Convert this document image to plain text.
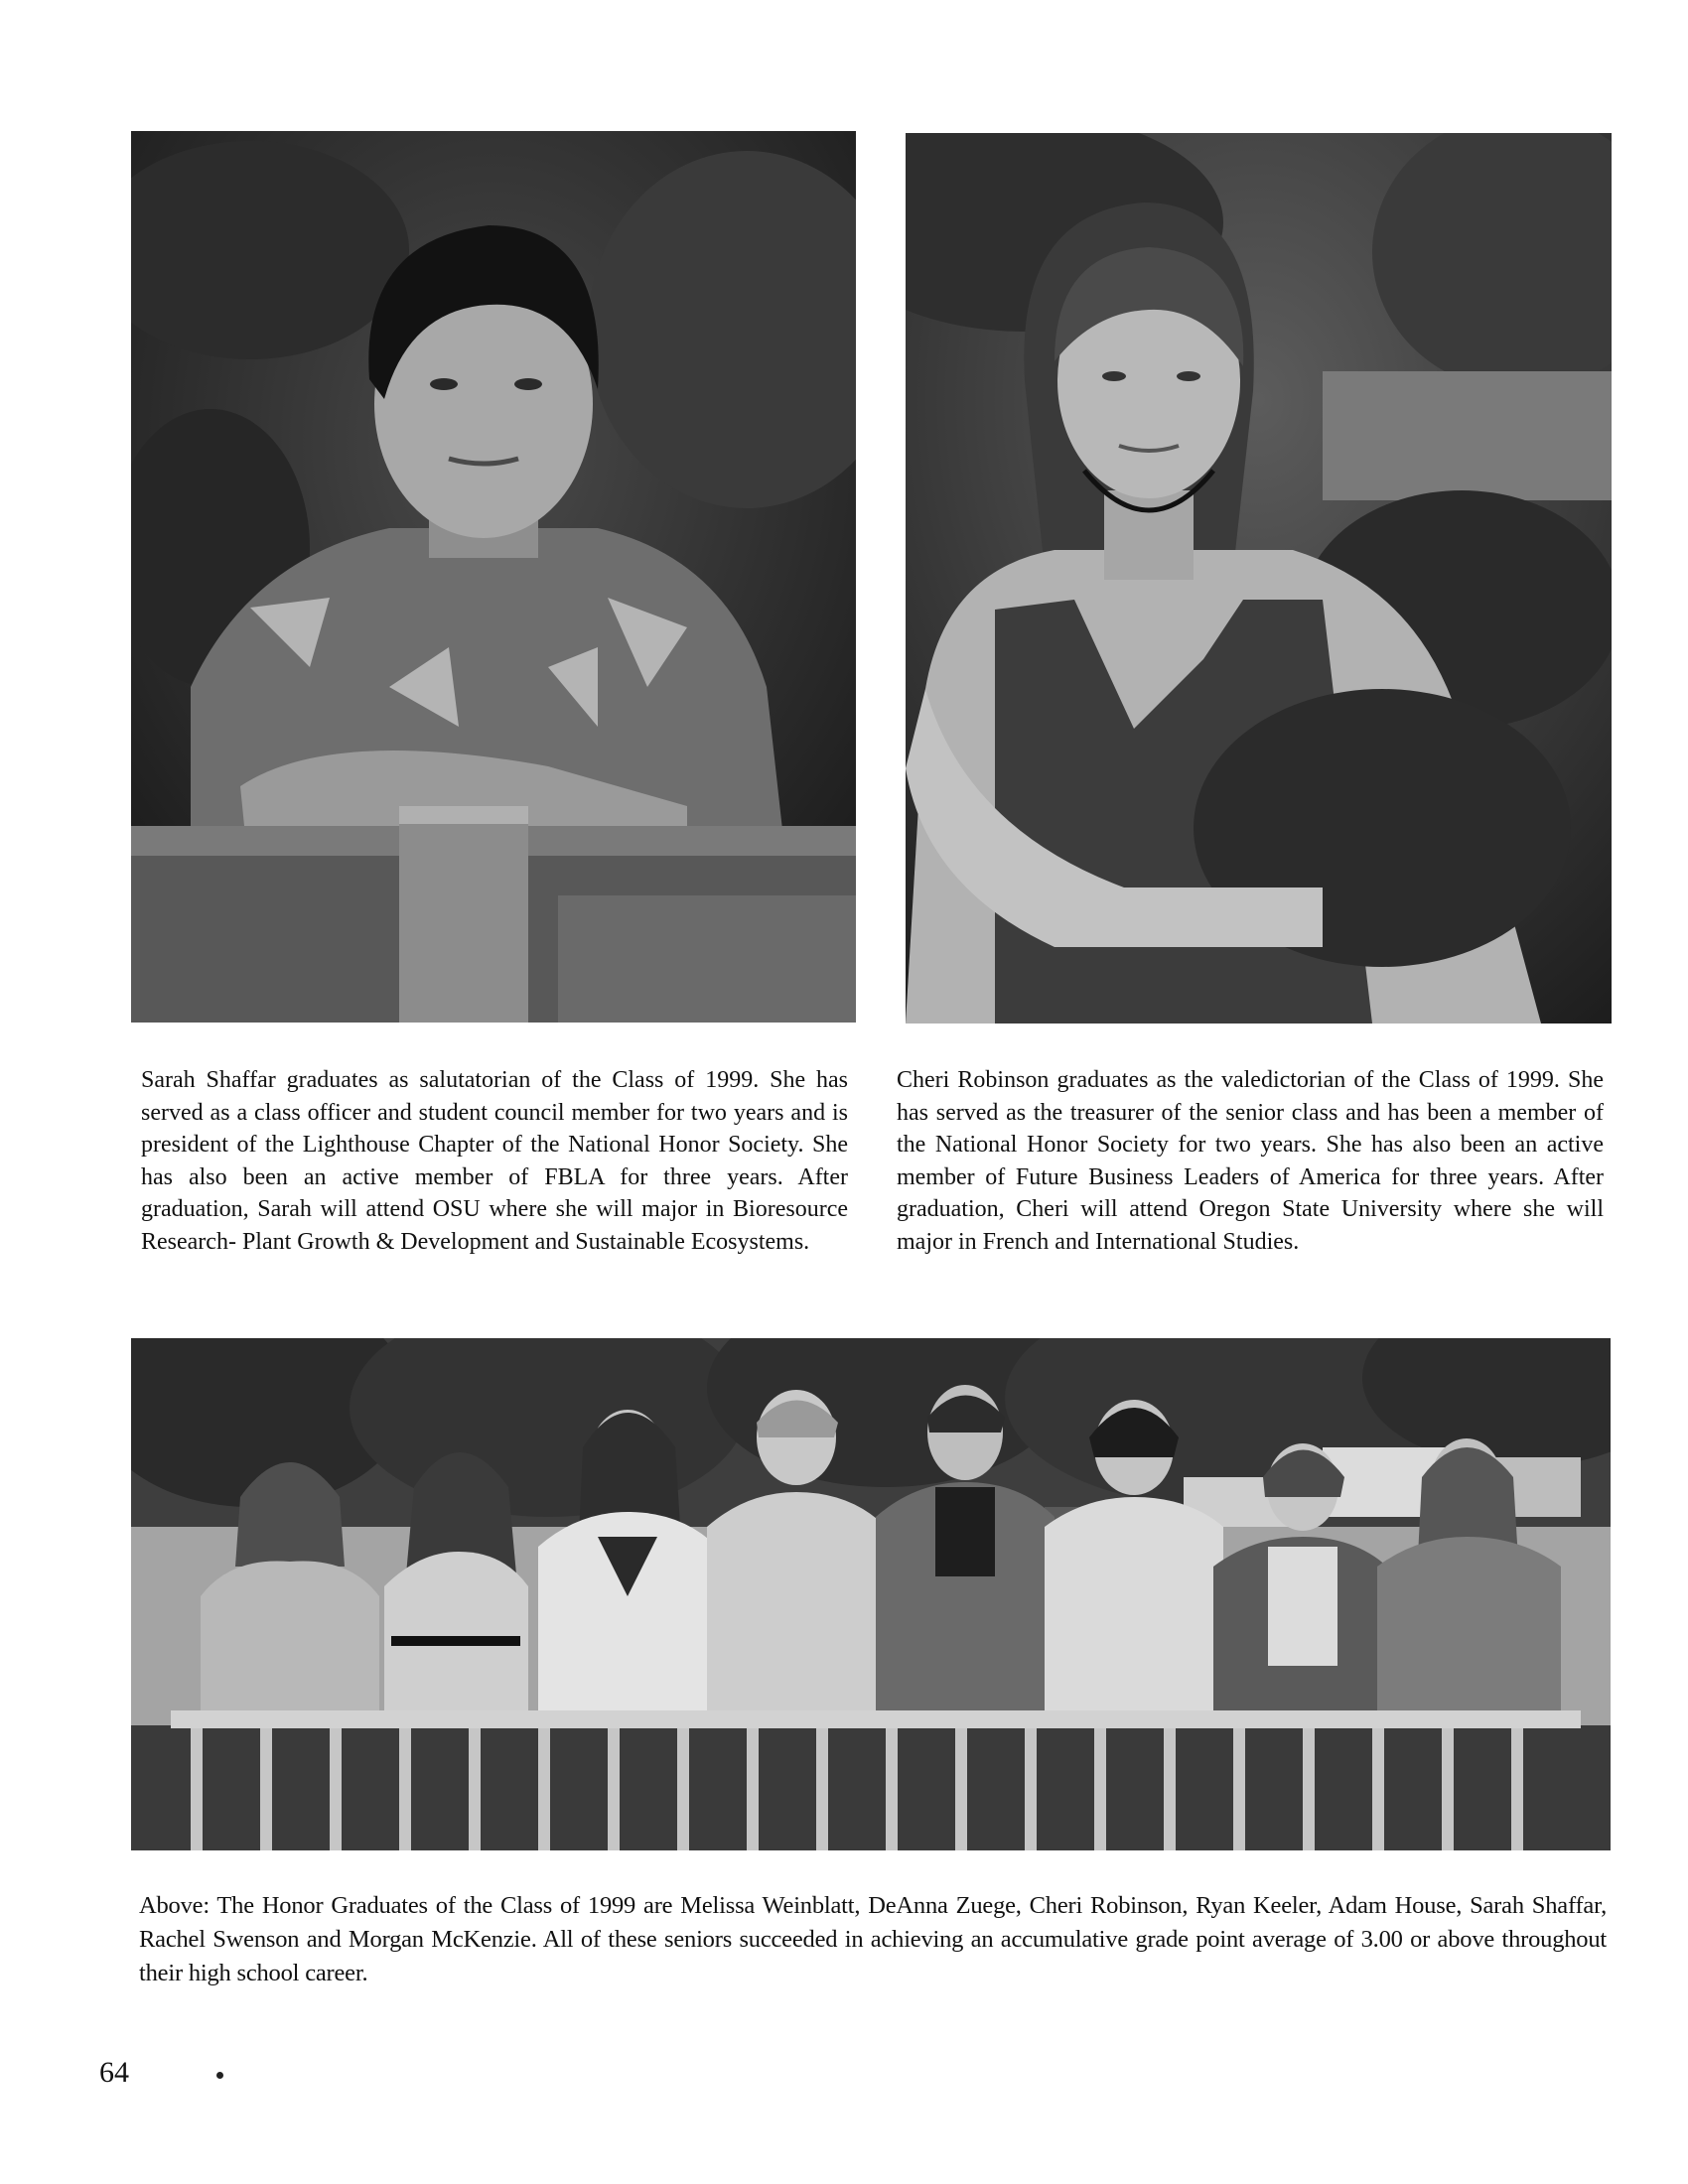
Sarah Shaffar graduates as salutatorian of the Class of 1999. She has served as a class officer and student council member for two years and is president of the Lighthouse Chapter of the National Honor Society. She has also been an active member of FBLA for three years. After graduation, Sarah will attend OSU where she will major in Bioresource Research- Plant Growth & Development and Sustainable Ecosystems.

Cheri Robinson graduates as the valedictorian of the Class of 1999. She has served as the treasurer of the senior class and has been a member of the National Honor Society for two years. She has also been an active member of Future Business Leaders of America for three years. After graduation, Cheri will attend Oregon State University where she will major in French and International Studies.

Above: The Honor Graduates of the Class of 1999 are Melissa Weinblatt, DeAnna Zuege, Cheri Robinson, Ryan Keeler, Adam House, Sarah Shaffar, Rachel Swenson and Morgan McKenzie. All of these seniors succeeded in achieving an accumulative grade point average of 3.00 or above throughout their high school career.

64
